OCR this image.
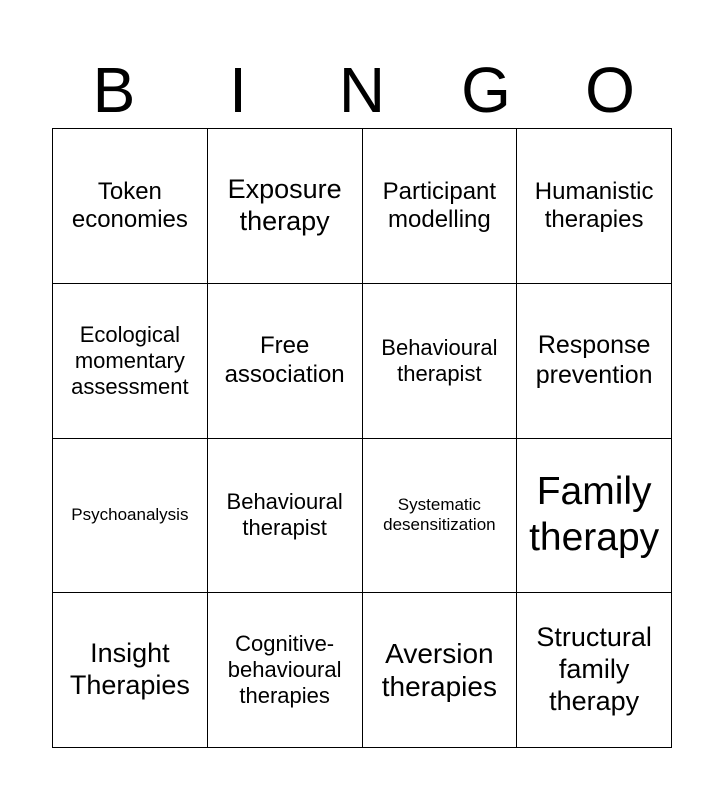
B	I	N	G	O
Token
economies
Exposure
therapy
Participant
modelling
Humanistic
therapies
Ecological
momentary
assessment
Free
association
Behavioural
therapist
Response
prevention
Psychoanalysis
Behavioural
therapist
Systematic
desensitization
Family
therapy
Insight
Therapies
Cognitive-
behavioural
therapies
Aversion
therapies
Structural
family
therapy
